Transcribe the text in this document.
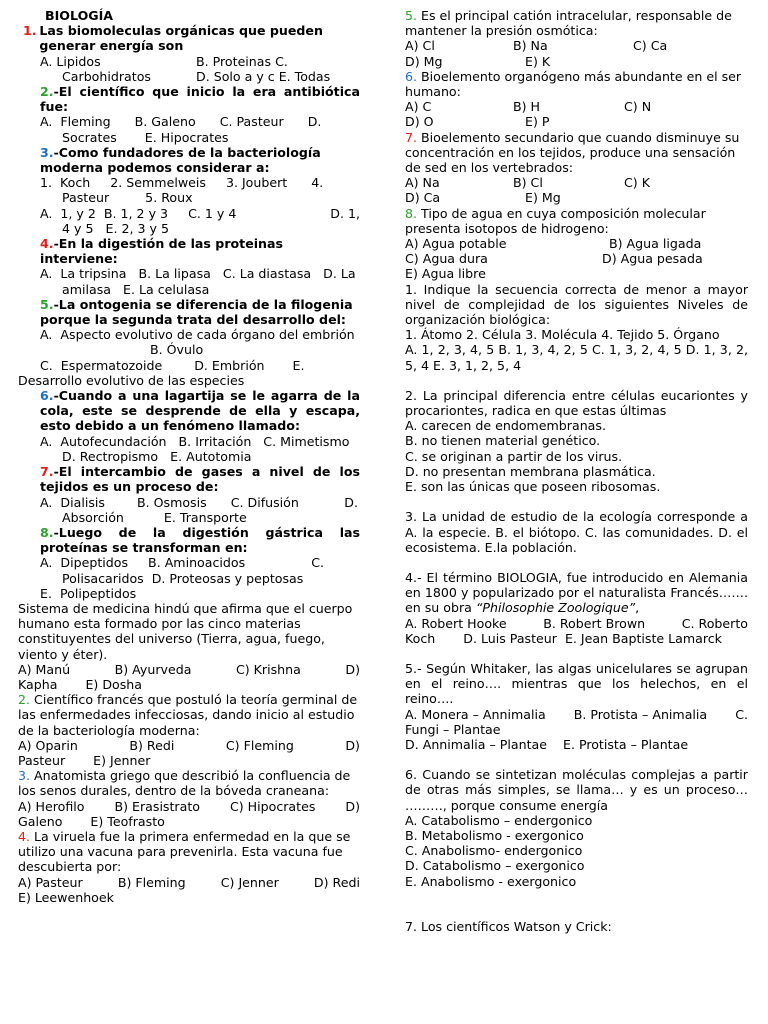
BIOLOGÍA
1. Las biomoleculas orgánicas que pueden generar energía son
A. Lipidos	B. Proteinas C.
Carbohidratos	D. Solo a y c E. Todas
2.-El científico que inicio la era antibiótica fue:
A.  Fleming      B. Galeno      C. Pasteur      D.
Socrates       E. Hipocrates
3.-Como fundadores de la bacteriología moderna podemos considerar a:
1.  Koch     2. Semmelweis     3. Joubert      4.
Pasteur         5. Roux
A.  1, y 2  B. 1, 2 y 3     C. 1 y 4	D. 1,
4 y 5   E. 2, 3 y 5
4.-En la digestión de las proteinas interviene:
A.  La tripsina   B. La lipasa   C. La diastasa   D. La
amilasa   E. La celulasa
5.-La ontogenia se diferencia de la filogenia porque la segunda trata del desarrollo del:
A.  Aspecto evolutivo de cada órgano del embrión
B. Óvulo
C.  Espermatozoide        D. Embrión       E.
Desarrollo evolutivo de las especies
6.-Cuando a una lagartija se le agarra de la cola, este se desprende de ella y escapa, esto debido a un fenómeno llamado:
A.  Autofecundación   B. Irritación   C. Mimetismo
D. Rectropismo   E. Autotomia
7.-El intercambio de gases a nivel de los tejidos es un proceso de:
A.  Dialisis        B. Osmosis      C. Difusión	D.
Absorción          E. Transporte
8.-Luego de la digestión gástrica las proteínas se transforman en:
A.  Dipeptidos     B. Aminoacidos	C.
Polisacaridos  D. Proteosas y peptosas
E.  Polipeptidos
Sistema de medicina hindú que afirma que el cuerpo humano esta formado por las cinco materias constituyentes del universo (Tierra, agua, fuego, viento y éter).
A) Manú	B) Ayurveda	C) Krishna	D)
Kapha       E) Dosha
2. Científico francés que postuló la teoría germinal de las enfermedades infecciosas, dando inicio al estudio de la bacteriología moderna:
A) Oparin	B) Redi	C) Fleming	D)
Pasteur       E) Jenner
3. Anatomista griego que describió la confluencia de los senos durales, dentro de la bóveda craneana:
A) Herofilo B) Erasistrato C) Hipocrates D)
Galeno       E) Teofrasto
4. La viruela fue la primera enfermedad en la que se utilizo una vacuna para prevenirla. Esta vacuna fue descubierta por:
A) Pasteur	B) Fleming	C) Jenner	D) Redi
E) Leewenhoek
5. Es el principal catión intracelular, responsable de mantener la presión osmótica:
A) Cl	B) Na	C) Ca
D) Mg	E) K
6. Bioelemento organógeno más abundante en el ser humano:
A) C	B) H	C) N
D) O	E) P
7. Bioelemento secundario que cuando disminuye su concentración en los tejidos, produce una sensación de sed en los vertebrados:
A) Na	B) Cl	C) K
D) Ca	E) Mg
8. Tipo de agua en cuya composición molecular presenta isotopos de hidrogeno:
A) Agua potable	B) Agua ligada
C) Agua dura	D) Agua pesada
E) Agua libre
1. Indique la secuencia correcta de menor a mayor nivel de complejidad de los siguientes Niveles de organización biológica:
1. Átomo 2. Célula 3. Molécula 4. Tejido 5. Órgano
A. 1, 2, 3, 4, 5 B. 1, 3, 4, 2, 5 C. 1, 3, 2, 4, 5 D. 1, 3, 2, 5, 4 E. 3, 1, 2, 5, 4
2. La principal diferencia entre células eucariontes y procariontes, radica en que estas últimas
A. carecen de endomembranas.
B. no tienen material genético.
C. se originan a partir de los virus.
D. no presentan membrana plasmática.
E. son las únicas que poseen ribosomas.
3. La unidad de estudio de la ecología corresponde a A. la especie. B. el biótopo. C. las comunidades. D. el ecosistema. E.la población.
4.- El término BIOLOGIA, fue introducido en Alemania en 1800 y popularizado por el naturalista Francés……. en su obra “Philosophie Zoologique”,
A. Robert Hooke	B. Robert Brown	C. Roberto
Koch       D. Luis Pasteur  E. Jean Baptiste Lamarck
5.- Según Whitaker, las algas unicelulares se agrupan en el reino…. mientras que los helechos, en el reino….
A. Monera – Annimalia B. Protista – Animalia C.
Fungi – Plantae
D. Annimalia – Plantae    E. Protista – Plantae
6. Cuando se sintetizan moléculas complejas a partir de otras más simples, se llama… y es un proceso… ………, porque consume energía
A. Catabolismo – endergonico
B. Metabolismo - exergonico
C. Anabolismo- endergonico
D. Catabolismo – exergonico
E. Anabolismo - exergonico
7. Los científicos Watson y Crick:
